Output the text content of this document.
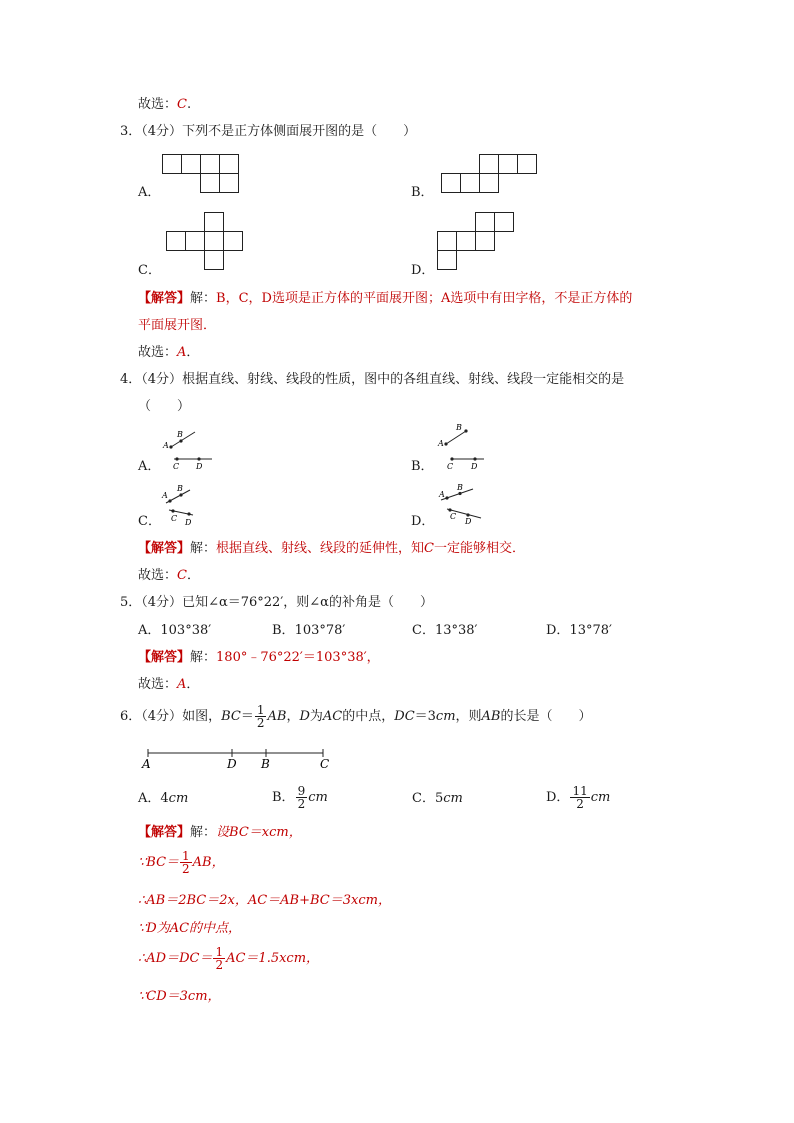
故选：C.
3．（4分）下列不是正方体侧面展开图的是（　　）
A．	B．
C．	D．
【解答】解：B，C，D选项是正方体的平面展开图；A选项中有田字格，不是正方体的
平面展开图．
故选：A．
4．（4分）根据直线、射线、线段的性质，图中的各组直线、射线、线段一定能相交的是
（　　）
A．
A
B
C D	B．
A
B
C D
C．
A
B
C D	D．
A
B
C
D
【解答】解：根据直线、射线、线段的延伸性，知C一定能够相交．
故选：C．
5．（4分）已知∠α＝76°22′，则∠α的补角是（　　）
A．103°38′	B．103°78′	C．13°38′	D．13°78′
【解答】解：180°﹣76°22′＝103°38′，
故选：A．
6．（4分）如图，$BC= \frac{1}{2}$ AB，D为AC的中点，DC＝3cm，则AB的长是（　　）
A	D B	C
A．4cm	B． $\frac{9}{2}$ cm	C．5cm	D． $\frac{11}{2}$ cm
【解答】解：设BC＝xcm，
∵BC＝ $\frac{1}{2}$ AB，
∴AB＝2BC＝2x，AC＝AB+BC＝3xcm，
∵D为AC的中点，
∴AD＝DC＝ $\frac{1}{2} AC=1.5xcm$，
∵CD＝3cm，
